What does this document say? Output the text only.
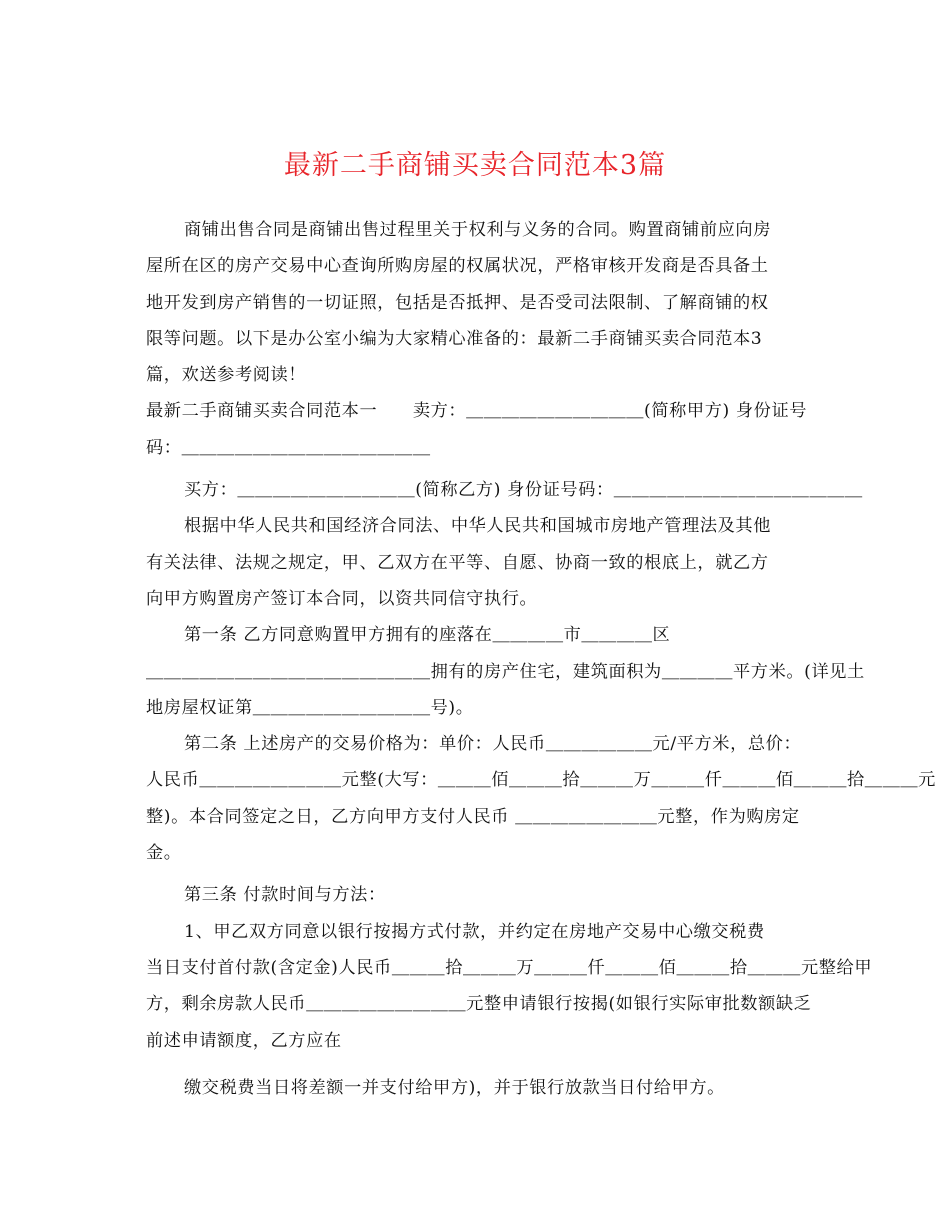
最新二手商铺买卖合同范本3篇
商铺出售合同是商铺出售过程里关于权利与义务的合同。购置商铺前应向房
屋所在区的房产交易中心查询所购房屋的权属状况，严格审核开发商是否具备土
地开发到房产销售的一切证照，包括是否抵押、是否受司法限制、了解商铺的权
限等问题。以下是办公室小编为大家精心准备的：最新二手商铺买卖合同范本3
篇，欢送参考阅读！
最新二手商铺买卖合同范本一　　卖方：＿＿＿＿＿＿＿＿＿＿(简称甲方) 身份证号
码：＿＿＿＿＿＿＿＿＿＿＿＿＿＿
买方：＿＿＿＿＿＿＿＿＿＿(简称乙方) 身份证号码：＿＿＿＿＿＿＿＿＿＿＿＿＿＿
根据中华人民共和国经济合同法、中华人民共和国城市房地产管理法及其他
有关法律、法规之规定，甲、乙双方在平等、自愿、协商一致的根底上，就乙方
向甲方购置房产签订本合同，以资共同信守执行。
第一条 乙方同意购置甲方拥有的座落在＿＿＿＿市＿＿＿＿区
＿＿＿＿＿＿＿＿＿＿＿＿＿＿＿＿拥有的房产住宅，建筑面积为＿＿＿＿平方米。(详见土
地房屋权证第＿＿＿＿＿＿＿＿＿＿号)。
第二条 上述房产的交易价格为：单价：人民币＿＿＿＿＿＿元/平方米，总价：
人民币＿＿＿＿＿＿＿＿元整(大写：＿＿＿佰＿＿＿拾＿＿＿万＿＿＿仟＿＿＿佰＿＿＿拾＿＿＿元
整)。本合同签定之日，乙方向甲方支付人民币 ＿＿＿＿＿＿＿＿元整，作为购房定
金。
第三条 付款时间与方法：
1、甲乙双方同意以银行按揭方式付款，并约定在房地产交易中心缴交税费
当日支付首付款(含定金)人民币＿＿＿拾＿＿＿万＿＿＿仟＿＿＿佰＿＿＿拾＿＿＿元整给甲
方，剩余房款人民币＿＿＿＿＿＿＿＿＿元整申请银行按揭(如银行实际审批数额缺乏
前述申请额度，乙方应在
缴交税费当日将差额一并支付给甲方)，并于银行放款当日付给甲方。
